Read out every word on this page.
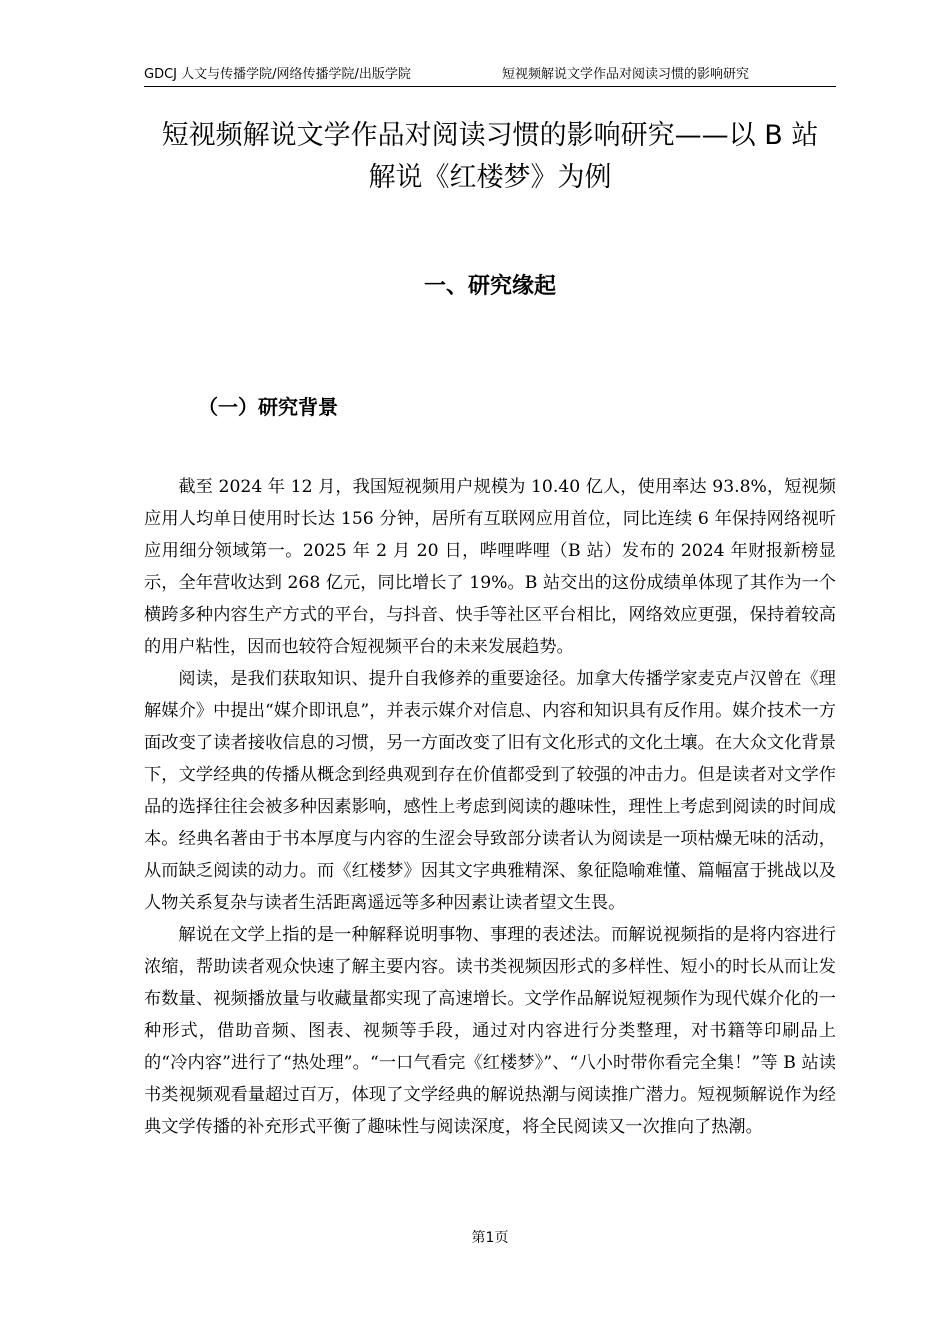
GDCJ 人文与传播学院/网络传播学院/出版学院	短视频解说文学作品对阅读习惯的影响研究
短视频解说文学作品对阅读习惯的影响研究——以 B 站
解说《红楼梦》为例
一、研究缘起
（一）研究背景

截至 2024 年 12 月，我国短视频用户规模为 10.40 亿人，使用率达 93.8%，短视频应用人均单日使用时长达 156 分钟，居所有互联网应用首位，同比连续 6 年保持网络视听应用细分领域第一。2025 年 2 月 20 日，哔哩哔哩（B 站）发布的 2024 年财报新榜显示，全年营收达到 268 亿元，同比增长了 19%。B 站交出的这份成绩单体现了其作为一个横跨多种内容生产方式的平台，与抖音、快手等社区平台相比，网络效应更强，保持着较高的用户粘性，因而也较符合短视频平台的未来发展趋势。

阅读，是我们获取知识、提升自我修养的重要途径。加拿大传播学家麦克卢汉曾在《理解媒介》中提出“媒介即讯息”，并表示媒介对信息、内容和知识具有反作用。媒介技术一方面改变了读者接收信息的习惯，另一方面改变了旧有文化形式的文化土壤。在大众文化背景下，文学经典的传播从概念到经典观到存在价值都受到了较强的冲击力。但是读者对文学作品的选择往往会被多种因素影响，感性上考虑到阅读的趣味性，理性上考虑到阅读的时间成本。经典名著由于书本厚度与内容的生涩会导致部分读者认为阅读是一项枯燥无味的活动，从而缺乏阅读的动力。而《红楼梦》因其文字典雅精深、象征隐喻难懂、篇幅富于挑战以及人物关系复杂与读者生活距离遥远等多种因素让读者望文生畏。

解说在文学上指的是一种解释说明事物、事理的表述法。而解说视频指的是将内容进行浓缩，帮助读者观众快速了解主要内容。读书类视频因形式的多样性、短小的时长从而让发布数量、视频播放量与收藏量都实现了高速增长。文学作品解说短视频作为现代媒介化的一种形式，借助音频、图表、视频等手段，通过对内容进行分类整理，对书籍等印刷品上的“冷内容”进行了“热处理”。“一口气看完《红楼梦》”、“八小时带你看完全集！”等 B 站读书类视频观看量超过百万，体现了文学经典的解说热潮与阅读推广潜力。短视频解说作为经典文学传播的补充形式平衡了趣味性与阅读深度，将全民阅读又一次推向了热潮。

第1页
